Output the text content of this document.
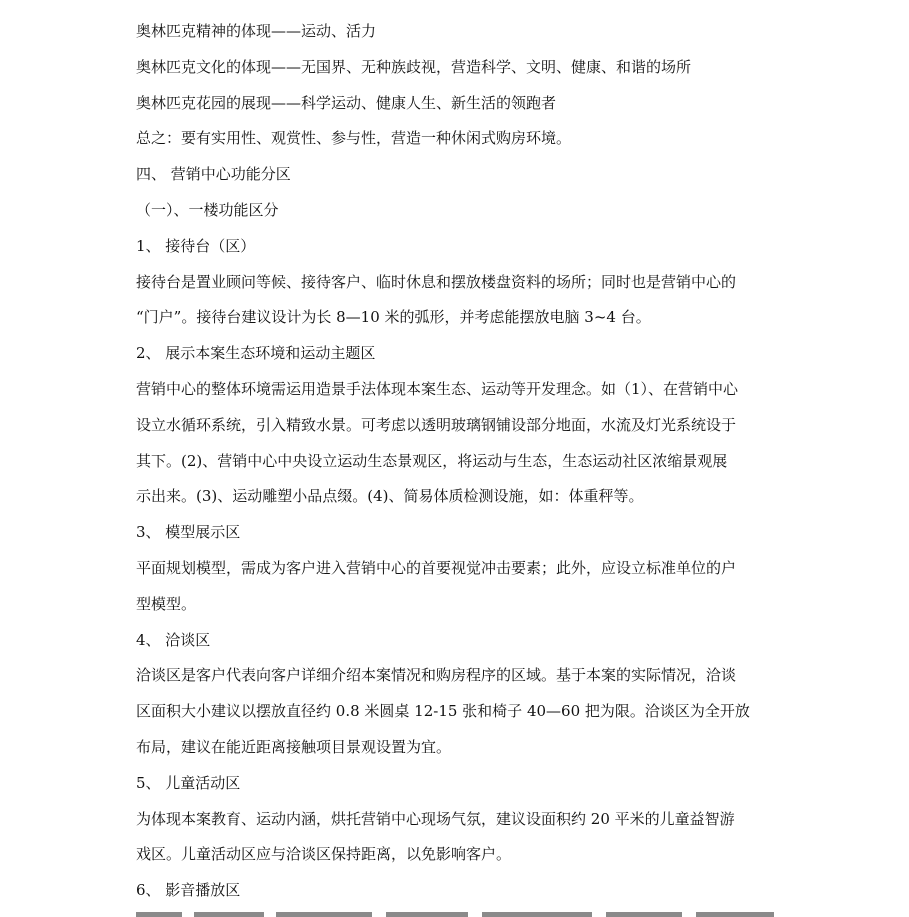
奥林匹克精神的体现——运动、活力

奥林匹克文化的体现——无国界、无种族歧视，营造科学、文明、健康、和谐的场所

奥林匹克花园的展现——科学运动、健康人生、新生活的领跑者

总之：要有实用性、观赏性、参与性，营造一种休闲式购房环境。

四、 营销中心功能分区

（一）、一楼功能区分

1、 接待台（区）

接待台是置业顾问等候、接待客户、临时休息和摆放楼盘资料的场所；同时也是营销中心的

“门户”。接待台建议设计为长 8—10 米的弧形，并考虑能摆放电脑 3~4 台。

2、 展示本案生态环境和运动主题区

营销中心的整体环境需运用造景手法体现本案生态、运动等开发理念。如（1）、在营销中心

设立水循环系统，引入精致水景。可考虑以透明玻璃钢铺设部分地面，水流及灯光系统设于

其下。(2)、营销中心中央设立运动生态景观区，将运动与生态，生态运动社区浓缩景观展

示出来。(3)、运动雕塑小品点缀。(4)、简易体质检测设施，如：体重秤等。

3、 模型展示区

平面规划模型，需成为客户进入营销中心的首要视觉冲击要素；此外，应设立标准单位的户

型模型。

4、 洽谈区

洽谈区是客户代表向客户详细介绍本案情况和购房程序的区域。基于本案的实际情况，洽谈

区面积大小建议以摆放直径约 0.8 米圆桌 12-15 张和椅子 40—60 把为限。洽谈区为全开放

布局，建议在能近距离接触项目景观设置为宜。

5、 儿童活动区

为体现本案教育、运动内涵，烘托营销中心现场气氛，建议设面积约 20 平米的儿童益智游

戏区。儿童活动区应与洽谈区保持距离，以免影响客户。

6、 影音播放区
